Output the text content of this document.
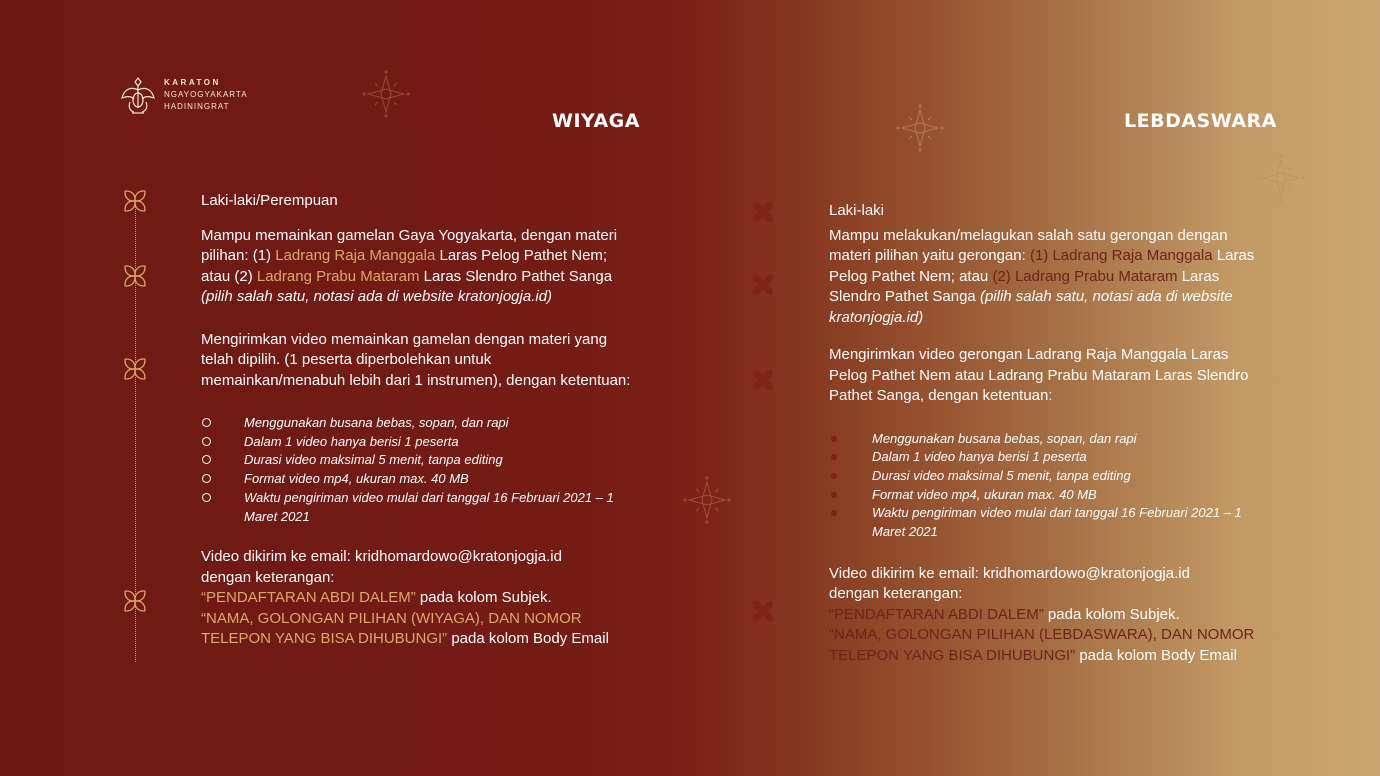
KARATON
NGAYOGYAKARTA
HADININGRAT
WIYAGA	LEBDASWARA

Laki-laki/Perempuan

Mampu memainkan gamelan Gaya Yogyakarta, dengan materi pilihan: (1) Ladrang Raja Manggala Laras Pelog Pathet Nem; atau (2) Ladrang Prabu Mataram Laras Slendro Pathet Sanga (pilih salah satu, notasi ada di website kratonjogja.id)

Mengirimkan video memainkan gamelan dengan materi yang telah dipilih. (1 peserta diperbolehkan untuk memainkan/menabuh lebih dari 1 instrumen), dengan ketentuan:

Menggunakan busana bebas, sopan, dan rapi
Dalam 1 video hanya berisi 1 peserta
Durasi video maksimal 5 menit, tanpa editing
Format video mp4, ukuran max. 40 MB
Waktu pengiriman video mulai dari tanggal 16 Februari 2021 – 1 Maret 2021

Video dikirim ke email: kridhomardowo@kratonjogja.id

dengan keterangan:

“PENDAFTARAN ABDI DALEM” pada kolom Subjek.

“NAMA, GOLONGAN PILIHAN (WIYAGA), DAN NOMOR TELEPON YANG BISA DIHUBUNGI” pada kolom Body Email

Laki-laki

Mampu melakukan/melagukan salah satu gerongan dengan materi pilihan yaitu gerongan: (1) Ladrang Raja Manggala Laras Pelog Pathet Nem; atau (2) Ladrang Prabu Mataram Laras Slendro Pathet Sanga (pilih salah satu, notasi ada di website kratonjogja.id)

Mengirimkan video gerongan Ladrang Raja Manggala Laras Pelog Pathet Nem atau Ladrang Prabu Mataram Laras Slendro Pathet Sanga, dengan ketentuan:

Menggunakan busana bebas, sopan, dan rapi
Dalam 1 video hanya berisi 1 peserta
Durasi video maksimal 5 menit, tanpa editing
Format video mp4, ukuran max. 40 MB
Waktu pengiriman video mulai dari tanggal 16 Februari 2021 – 1 Maret 2021

Video dikirim ke email: kridhomardowo@kratonjogja.id

dengan keterangan:

“PENDAFTARAN ABDI DALEM” pada kolom Subjek.

“NAMA, GOLONGAN PILIHAN (LEBDASWARA), DAN NOMOR TELEPON YANG BISA DIHUBUNGI” pada kolom Body Email
